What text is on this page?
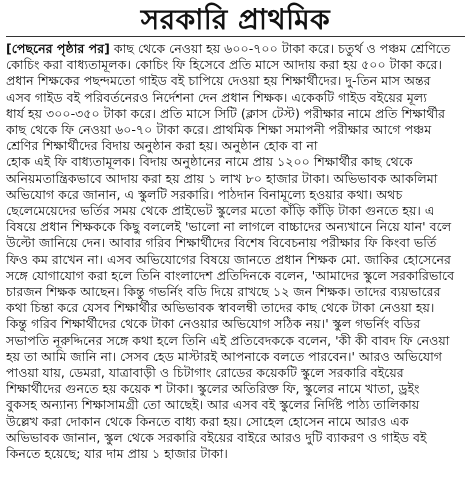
সরকারি প্রাথমিক
[পেছনের পৃষ্ঠার পর] কাছ থেকে নেওয়া হয় ৬০০-৭০০ টাকা করে। চতুর্থ ও পঞ্চম শ্রেণিতে
কোচিং করা বাধ্যতামূলক। কোচিং ফি হিসেবে প্রতি মাসে আদায় করা হয় ৫০০ টাকা করে।
প্রধান শিক্ষকের পছন্দমতো গাইড বই চাপিয়ে দেওয়া হয় শিক্ষার্থীদের। দু-তিন মাস অন্তর
এসব গাইড বই পরিবর্তনেরও নির্দেশনা দেন প্রধান শিক্ষক। একেকটি গাইড বইয়ের মূল্য
ধার্য হয় ৩০০-৩৫০ টাকা করে। প্রতি মাসে সিটি (ক্লাস টেস্ট) পরীক্ষার নামে প্রতি শিক্ষার্থীর
কাছ থেকে ফি নেওয়া ৬০-৭০ টাকা করে। প্রাথমিক শিক্ষা সমাপনী পরীক্ষার আগে পঞ্চম
শ্রেণির শিক্ষার্থীদের বিদায় অনুষ্ঠান করা হয়। অনুষ্ঠান হোক বা না
হোক এই ফি বাধ্যতামূলক। বিদায় অনুষ্ঠানের নামে প্রায় ১২০০ শিক্ষার্থীর কাছ থেকে
অনিয়মতান্ত্রিকভাবে আদায় করা হয় প্রায় ১ লাখ ৮০ হাজার টাকা। অভিভাবক আকলিমা
অভিযোগ করে জানান, এ স্কুলটি সরকারি। পাঠদান বিনামূল্যে হওয়ার কথা। অথচ
ছেলেমেয়েদের ভর্তির সময় থেকে প্রাইভেট স্কুলের মতো কাঁড়ি কাঁড়ি টাকা গুনতে হয়। এ
বিষয়ে প্রধান শিক্ষককে কিছু বললেই 'ভালো না লাগলে বাচ্চাদের অন্যখানে নিয়ে যান' বলে
উল্টো জানিয়ে দেন। আবার গরিব শিক্ষার্থীদের বিশেষ বিবেচনায় পরীক্ষার ফি কিংবা ভর্তি
ফিও কম রাখেন না। এসব অভিযোগের বিষয়ে জানতে প্রধান শিক্ষক মো. জাকির হোসেনের
সঙ্গে যোগাযোগ করা হলে তিনি বাংলাদেশ প্রতিদিনকে বলেন, 'আমাদের স্কুলে সরকারিভাবে
চারজন শিক্ষক আছেন। কিন্তু গভর্নিং বডি দিয়ে রাখছে ১২ জন শিক্ষক। তাদের ব্যয়ভারের
কথা চিন্তা করে যেসব শিক্ষার্থীর অভিভাবক স্বাবলম্বী তাদের কাছ থেকে টাকা নেওয়া হয়।
কিন্তু গরিব শিক্ষার্থীদের থেকে টাকা নেওয়ার অভিযোগ সঠিক নয়।' স্কুল গভর্নিং বডির
সভাপতি নূরুদ্দিনের সঙ্গে কথা হলে তিনি এই প্রতিবেদককে বলেন, 'কী কী বাবদ ফি নেওয়া
হয় তা আমি জানি না। সেসব হেড মাস্টারই আপনাকে বলতে পারবেন।' আরও অভিযোগ
পাওয়া যায়, ডেমরা, যাত্রাবাড়ী ও চিটাগাং রোডের কয়েকটি স্কুলে সরকারি বইয়ের
শিক্ষার্থীদের গুনতে হয় কয়েক শ টাকা। স্কুলের অতিরিক্ত ফি, স্কুলের নামে খাতা, ড্রইং
বুকসহ অন্যান্য শিক্ষাসামগ্রী তো আছেই। আর এসব বই স্কুলের নির্দিষ্ট পাঠ্য তালিকায়
উল্লেখ করা দোকান থেকে কিনতে বাধ্য করা হয়। সোহেল হোসেন নামে আরও এক
অভিভাবক জানান, স্কুল থেকে সরকারি বইয়ের বাইরে আরও দুটি ব্যাকরণ ও গাইড বই
কিনতে হয়েছে; যার দাম প্রায় ১ হাজার টাকা।
